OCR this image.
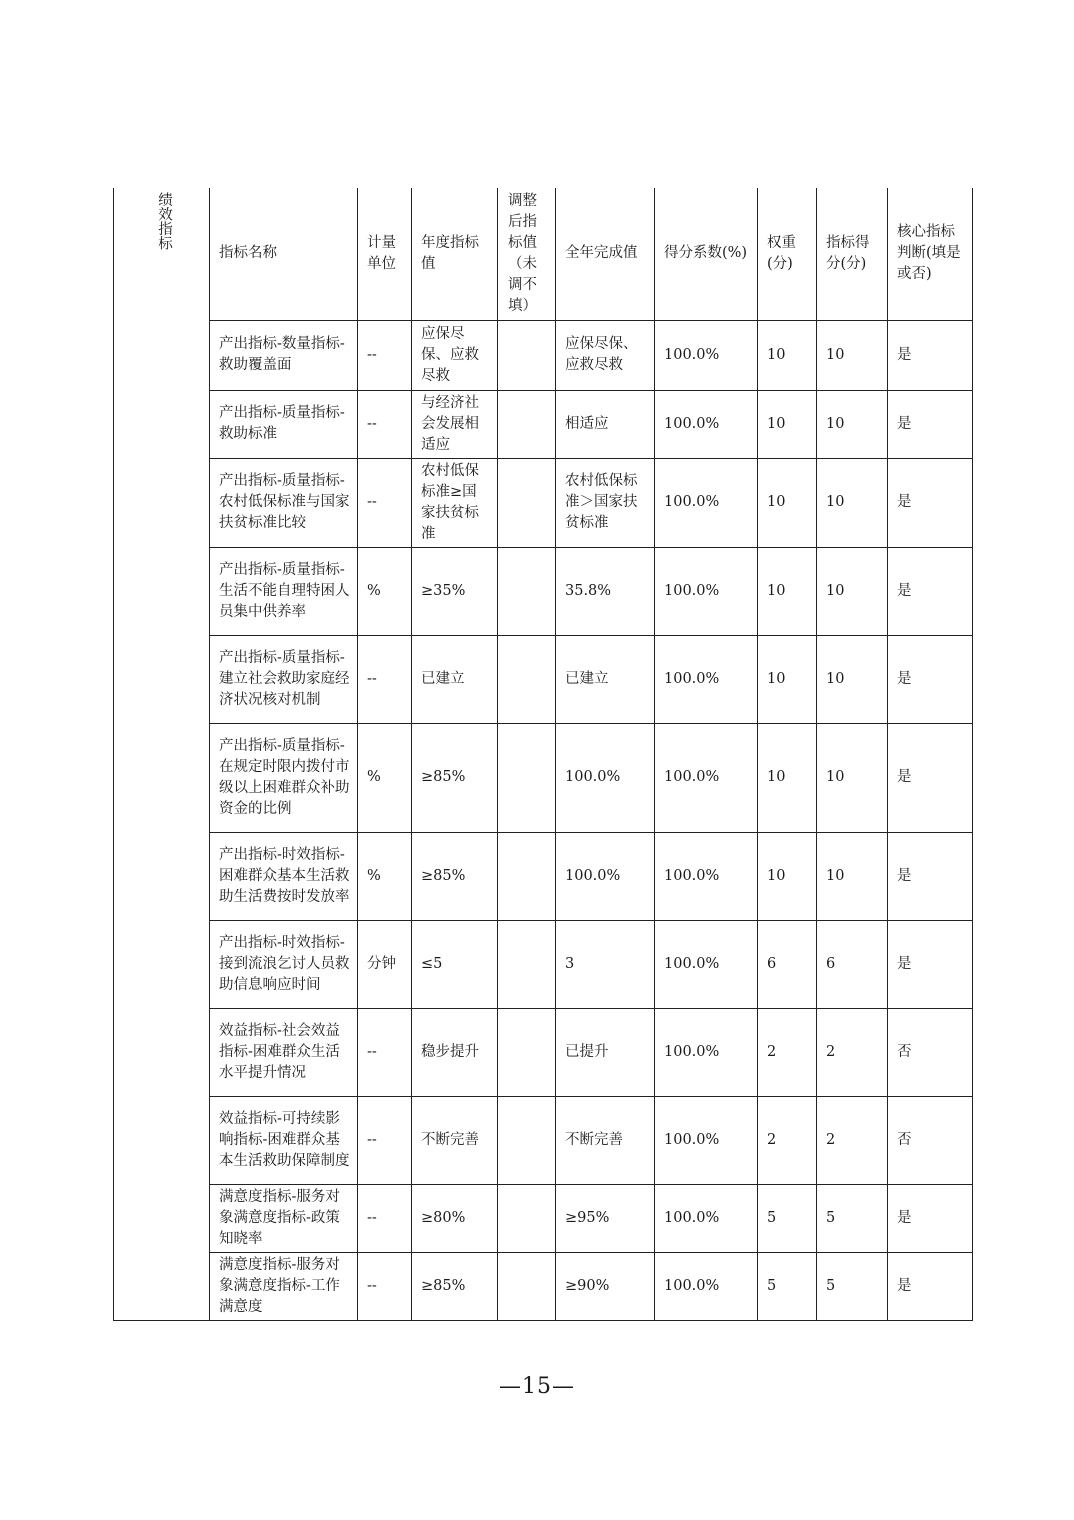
绩效指标	指标名称	计量单位	年度指标值	调整后指标值（未调不填）	全年完成值	得分系数(%)	权重(分)	指标得分(分)	核心指标判断(填是或否)
	产出指标-数量指标-救助覆盖面	--	应保尽保、应救尽救		应保尽保、应救尽救	100.0%	10	10	是
	产出指标-质量指标-救助标准	--	与经济社会发展相适应		相适应	100.0%	10	10	是
	产出指标-质量指标-农村低保标准与国家扶贫标准比较	--	农村低保标准≥国家扶贫标准		农村低保标准＞国家扶贫标准	100.0%	10	10	是
	产出指标-质量指标-生活不能自理特困人员集中供养率	%	≥35%		35.8%	100.0%	10	10	是
	产出指标-质量指标-建立社会救助家庭经济状况核对机制	--	已建立		已建立	100.0%	10	10	是
	产出指标-质量指标-在规定时限内拨付市级以上困难群众补助资金的比例	%	≥85%		100.0%	100.0%	10	10	是
	产出指标-时效指标-困难群众基本生活救助生活费按时发放率	%	≥85%		100.0%	100.0%	10	10	是
	产出指标-时效指标-接到流浪乞讨人员救助信息响应时间	分钟	≤5		3	100.0%	6	6	是
	效益指标-社会效益指标-困难群众生活水平提升情况	--	稳步提升		已提升	100.0%	2	2	否
	效益指标-可持续影响指标-困难群众基本生活救助保障制度	--	不断完善		不断完善	100.0%	2	2	否
	满意度指标-服务对象满意度指标-政策知晓率	--	≥80%		≥95%	100.0%	5	5	是
	满意度指标-服务对象满意度指标-工作满意度	--	≥85%		≥90%	100.0%	5	5	是
—15—
